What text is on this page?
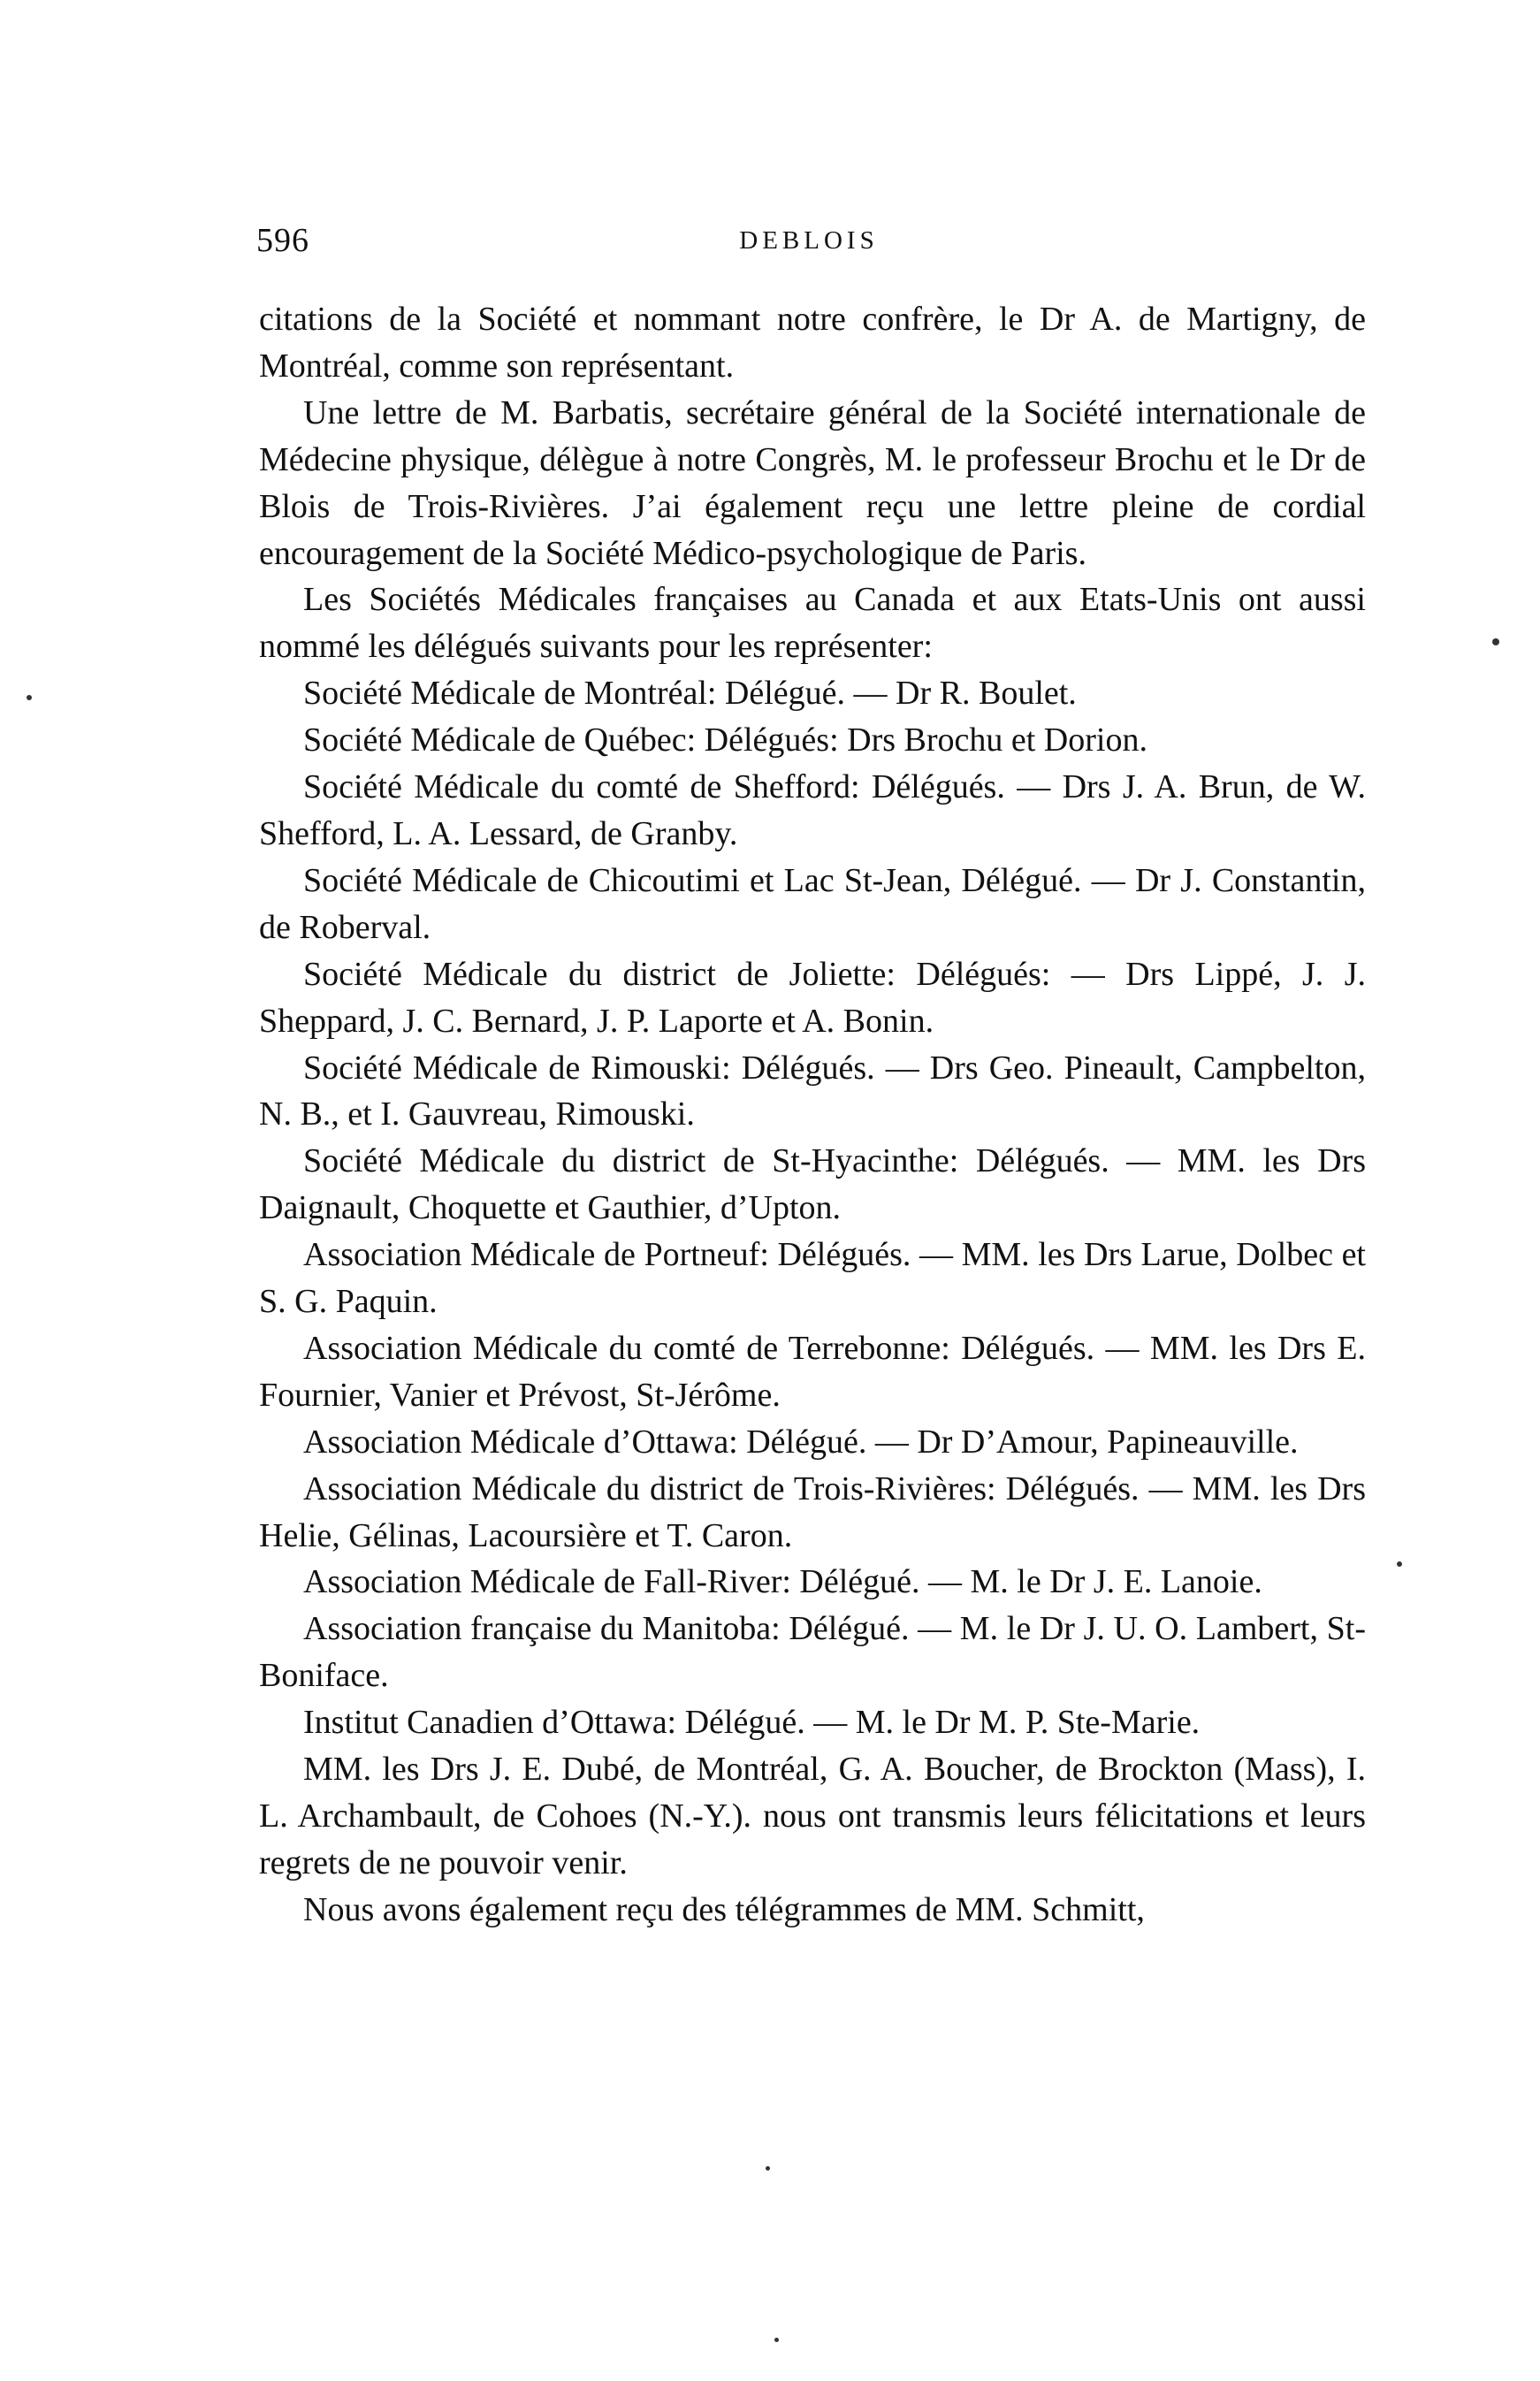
596	DEBLOIS

citations de la Société et nommant notre confrère, le Dr A. de Martigny, de Montréal, comme son représentant.

Une lettre de M. Barbatis, secrétaire général de la Société internationale de Médecine physique, délègue à notre Congrès, M. le professeur Brochu et le Dr de Blois de Trois-Rivières. J’ai également reçu une lettre pleine de cordial encouragement de la Société Médico-psychologique de Paris.

Les Sociétés Médicales françaises au Canada et aux Etats-Unis ont aussi nommé les délégués suivants pour les représenter:

Société Médicale de Montréal: Délégué. — Dr R. Boulet.

Société Médicale de Québec: Délégués: Drs Brochu et Dorion.

Société Médicale du comté de Shefford: Délégués. — Drs J. A. Brun, de W. Shefford, L. A. Lessard, de Granby.

Société Médicale de Chicoutimi et Lac St-Jean, Délégué. — Dr J. Constantin, de Roberval.

Société Médicale du district de Joliette: Délégués: — Drs Lippé, J. J. Sheppard, J. C. Bernard, J. P. Laporte et A. Bonin.

Société Médicale de Rimouski: Délégués. — Drs Geo. Pineault, Campbelton, N. B., et I. Gauvreau, Rimouski.

Société Médicale du district de St-Hyacinthe: Délégués. — MM. les Drs Daignault, Choquette et Gauthier, d’Upton.

Association Médicale de Portneuf: Délégués. — MM. les Drs Larue, Dolbec et S. G. Paquin.

Association Médicale du comté de Terrebonne: Délégués. — MM. les Drs E. Fournier, Vanier et Prévost, St-Jérôme.

Association Médicale d’Ottawa: Délégué. — Dr D’Amour, Papineauville.

Association Médicale du district de Trois-Rivières: Délégués. — MM. les Drs Helie, Gélinas, Lacoursière et T. Caron.

Association Médicale de Fall-River: Délégué. — M. le Dr J. E. Lanoie.

Association française du Manitoba: Délégué. — M. le Dr J. U. O. Lambert, St-Boniface.

Institut Canadien d’Ottawa: Délégué. — M. le Dr M. P. Ste-Marie.

MM. les Drs J. E. Dubé, de Montréal, G. A. Boucher, de Brockton (Mass), I. L. Archambault, de Cohoes (N.-Y.). nous ont transmis leurs félicitations et leurs regrets de ne pouvoir venir.

Nous avons également reçu des télégrammes de MM. Schmitt,
